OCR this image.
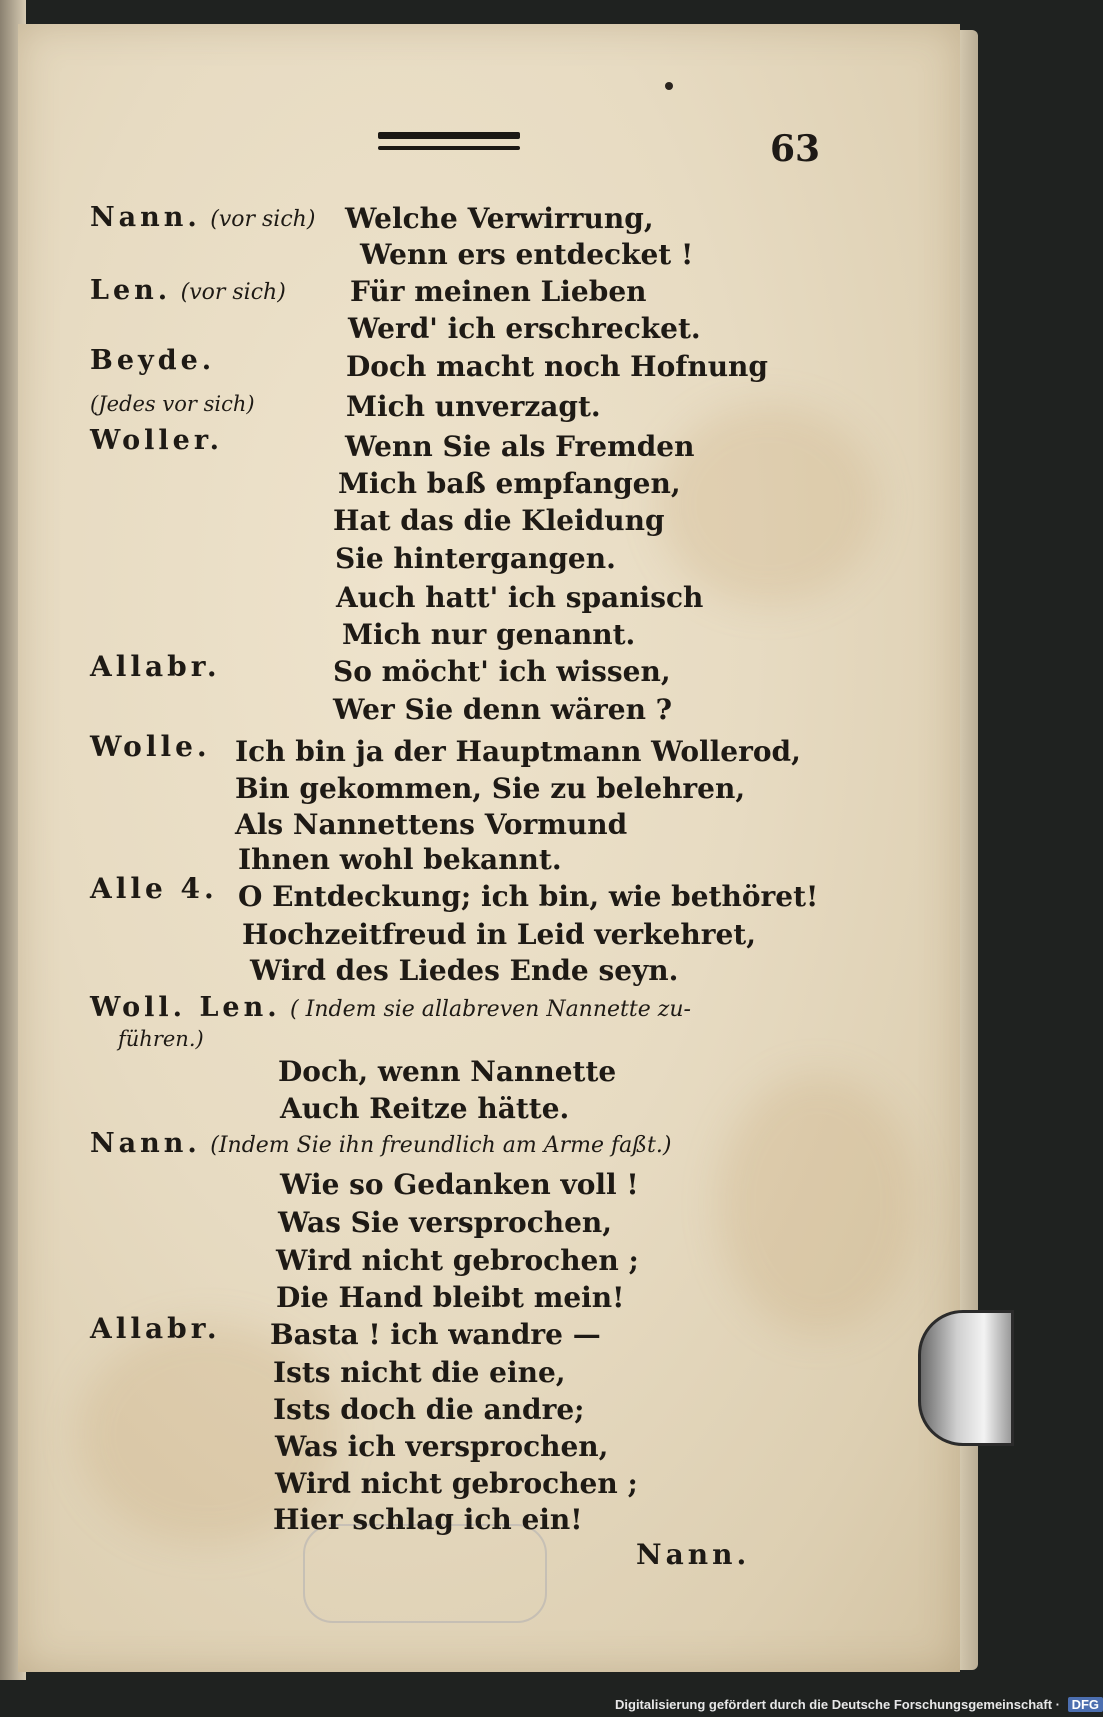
63
Nann. (vor sich) Welche Verwirrung,
Wenn ers entdecket !
Len. (vor sich) Für meinen Lieben
Werd' ich erschrecket.
Beyde.	Doch macht noch Hofnung
(Jedes vor sich)	Mich unverzagt.
Woller.	Wenn Sie als Fremden
Mich baß empfangen,
Hat das die Kleidung
Sie hintergangen.
Auch hatt' ich spanisch
Mich nur genannt.
Allabr.	So möcht' ich wissen,
Wer Sie denn wären ?
Wolle. Ich bin ja der Hauptmann Wollerod,
Bin gekommen, Sie zu belehren,
Als Nannettens Vormund
Ihnen wohl bekannt.
Alle 4. O Entdeckung; ich bin, wie bethöret!
Hochzeitfreud in Leid verkehret,
Wird des Liedes Ende seyn.
Woll. Len. ( Indem sie allabreven Nannette zu-
führen.)
Doch, wenn Nannette
Auch Reitze hätte.
Nann. (Indem Sie ihn freundlich am Arme faßt.)
Wie so Gedanken voll !
Was Sie versprochen,
Wird nicht gebrochen ;
Die Hand bleibt mein!
Allabr. Basta ! ich wandre —
Ists nicht die eine,
Ists doch die andre;
Was ich versprochen,
Wird nicht gebrochen ;
Hier schlag ich ein!
Nann.
Digitalisierung gefördert durch die Deutsche Forschungsgemeinschaft · DFG
